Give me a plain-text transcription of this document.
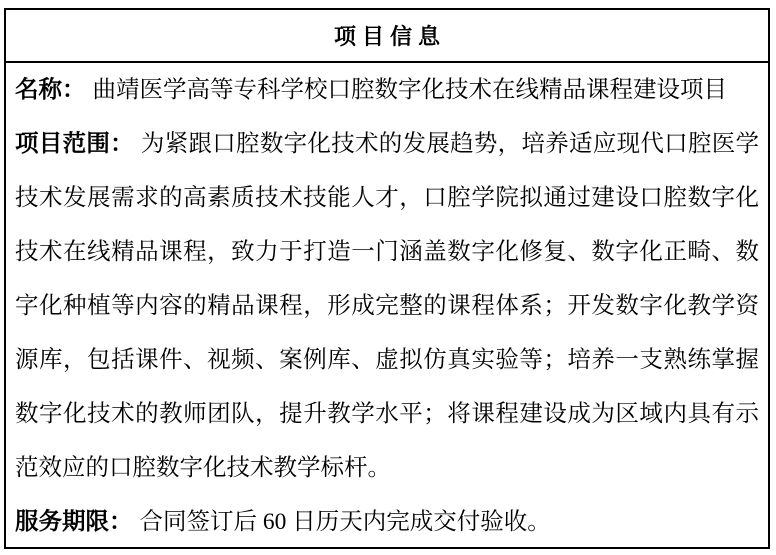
项目信息

名称： 曲靖医学高等专科学校口腔数字化技术在线精品课程建设项目

项目范围： 为紧跟口腔数字化技术的发展趋势，培养适应现代口腔医学技术发展需求的高素质技术技能人才，口腔学院拟通过建设口腔数字化技术在线精品课程，致力于打造一门涵盖数字化修复、数字化正畸、数字化种植等内容的精品课程，形成完整的课程体系；开发数字化教学资源库，包括课件、视频、案例库、虚拟仿真实验等；培养一支熟练掌握数字化技术的教师团队，提升教学水平；将课程建设成为区域内具有示范效应的口腔数字化技术教学标杆。

服务期限： 合同签订后 60 日历天内完成交付验收。
